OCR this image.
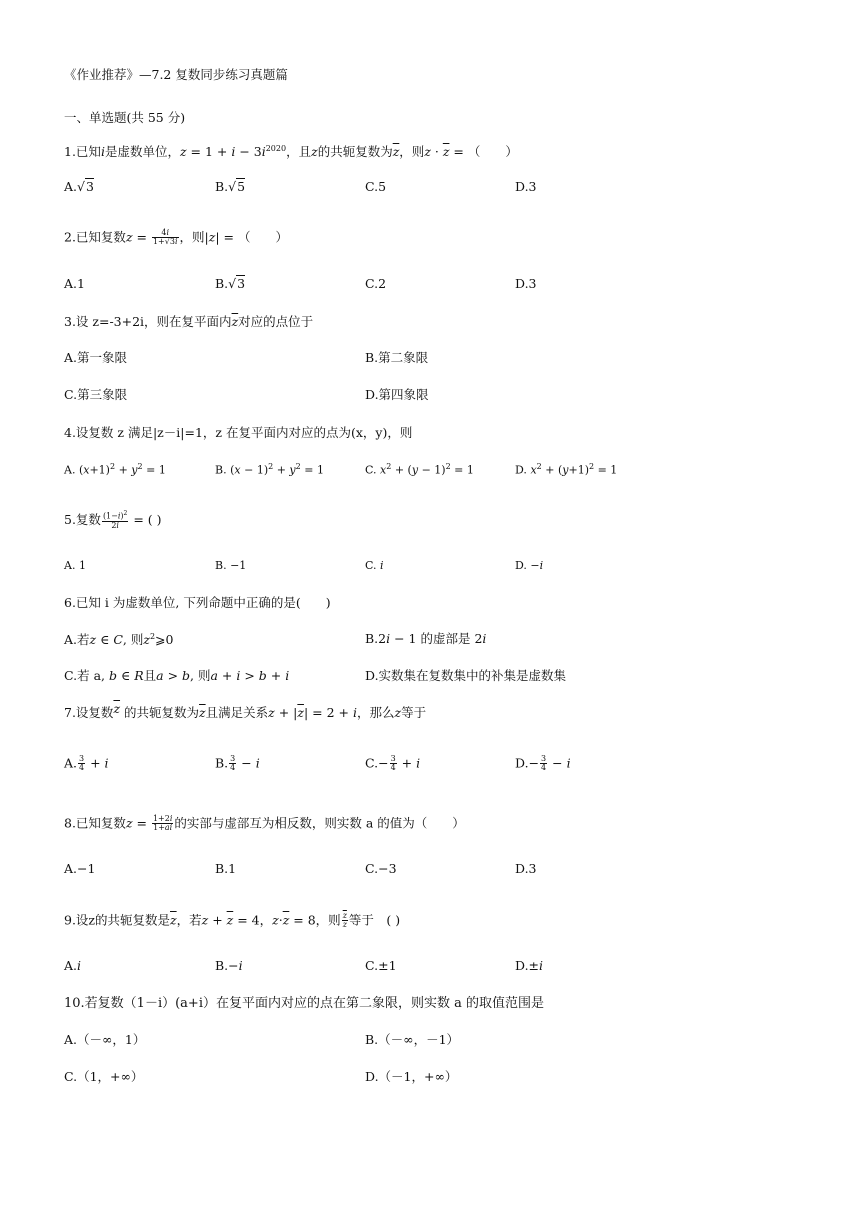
《作业推荐》—7.2 复数同步练习真题篇
一、单选题(共 55 分)
1.已知i是虚数单位，$z = 1 + i - 3i^{2020}$，且z的共轭复数为$\overline{z}$，则$z \cdot \overline{z}$ = （　　）
A.√3	B.√5	C.5	D.3
2.已知复数$z = \frac{4i}{1+√3i}$ ，则|z| = （　　）
A.1	B.√3	C.2	D.3
3.设 z=-3+2i，则在复平面内$\overline{z}$对应的点位于
A.第一象限	B.第二象限
C.第三象限	D.第四象限
4.设复数 z 满足|z－i|=1，z 在复平面内对应的点为(x，y)，则
A. $(x+1)^2 + y^2 = 1$	B. $(x - 1)^2 + y^2 = 1$	C. $x^2 + (y - 1)^2 = 1$	D. $x^2 + (y+1)^2 = 1$
5.复数 $\frac{(1-i)^2}{2i}$ = ( )
A. 1	B. −1	C. i	D. −i
6.已知 i 为虚数单位, 下列命题中正确的是(　　)
A.若z ∈ C, 则$z^2⩾0$	B.2i − 1 的虚部是 2i
C.若 a, b ∈ R且a > b, 则a + i > b + i	D.实数集在复数集中的补集是虚数集
7.设复数$\overline{z}$ 的共轭复数为$\overline{z}$且满足关系$z + |\overline{z}| = 2 + i$，那么z等于
A. $\frac{3}{4} + i$	B. $\frac{3}{4} - i$	$C.- \frac{3}{4} + i$	$D.- \frac{3}{4} - i$
8.已知复数$z = \frac{1+2i}{1+ai}$ 的实部与虚部互为相反数，则实数 a 的值为（　　）
A.−1	B.1	C.−3	D.3
9.设z的共轭复数是$\overline{z}$，若$z + \overline{z} = 4$，$z\cdot\overline{z} = 8$，则 $\frac{\overline{z}}{z}$ 等于　( )
A.i	B.−i	C.±1	D.±i
10.若复数（1－i）(a+i）在复平面内对应的点在第二象限，则实数 a 的取值范围是
A.（－∞，1）	B.（－∞，－1）
C.（1，+∞）	D.（－1，+∞）
